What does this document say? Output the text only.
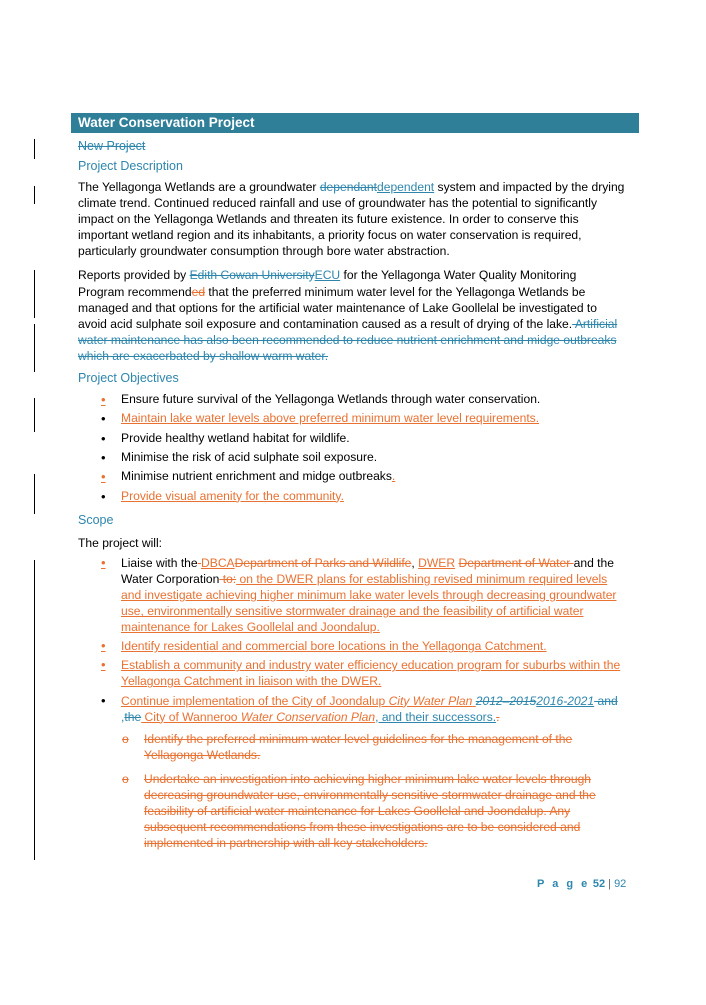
Water Conservation Project

New Project

Project Description

The Yellagonga Wetlands are a groundwater dependantdependent system and impacted by the drying climate trend. Continued reduced rainfall and use of groundwater has the potential to significantly impact on the Yellagonga Wetlands and threaten its future existence. In order to conserve this important wetland region and its inhabitants, a priority focus on water conservation is required, particularly groundwater consumption through bore water abstraction.

Reports provided by Edith Cowan UniversityECU for the Yellagonga Water Quality Monitoring Program recommended that the preferred minimum water level for the Yellagonga Wetlands be managed and that options for the artificial water maintenance of Lake Goollelal be investigated to avoid acid sulphate soil exposure and contamination caused as a result of drying of the lake. Artificial water maintenance has also been recommended to reduce nutrient enrichment and midge outbreaks which are exacerbated by shallow warm water.

Project Objectives

•
Ensure future survival of the Yellagonga Wetlands through water conservation.
•
Maintain lake water levels above preferred minimum water level requirements.
•
Provide healthy wetland habitat for wildlife.
•
Minimise the risk of acid sulphate soil exposure.
•
Minimise nutrient enrichment and midge outbreaks.
•
Provide visual amenity for the community.

Scope

The project will:

•
Liaise with the DBCADepartment of Parks and Wildlife, DWER Department of Water and the Water Corporation to: on the DWER plans for establishing revised minimum required levels and investigate achieving higher minimum lake water levels through decreasing groundwater use, environmentally sensitive stormwater drainage and the feasibility of artificial water maintenance for Lakes Goollelal and Joondalup.
•
Identify residential and commercial bore locations in the Yellagonga Catchment.
•
Establish a community and industry water efficiency education program for suburbs within the Yellagonga Catchment in liaison with the DWER.
•
Continue implementation of the City of Joondalup City Water Plan 2012–20152016-2021 and ,the City of Wanneroo Water Conservation Plan, and their successors..
o Identify the preferred minimum water level guidelines for the management of the Yellagonga Wetlands.
o Undertake an investigation into achieving higher minimum lake water levels through decreasing groundwater use, environmentally sensitive stormwater drainage and the feasibility of artificial water maintenance for Lakes Goollelal and Joondalup. Any subsequent recommendations from these investigations are to be considered and implemented in partnership with all key stakeholders.
P a g e 52 | 92
